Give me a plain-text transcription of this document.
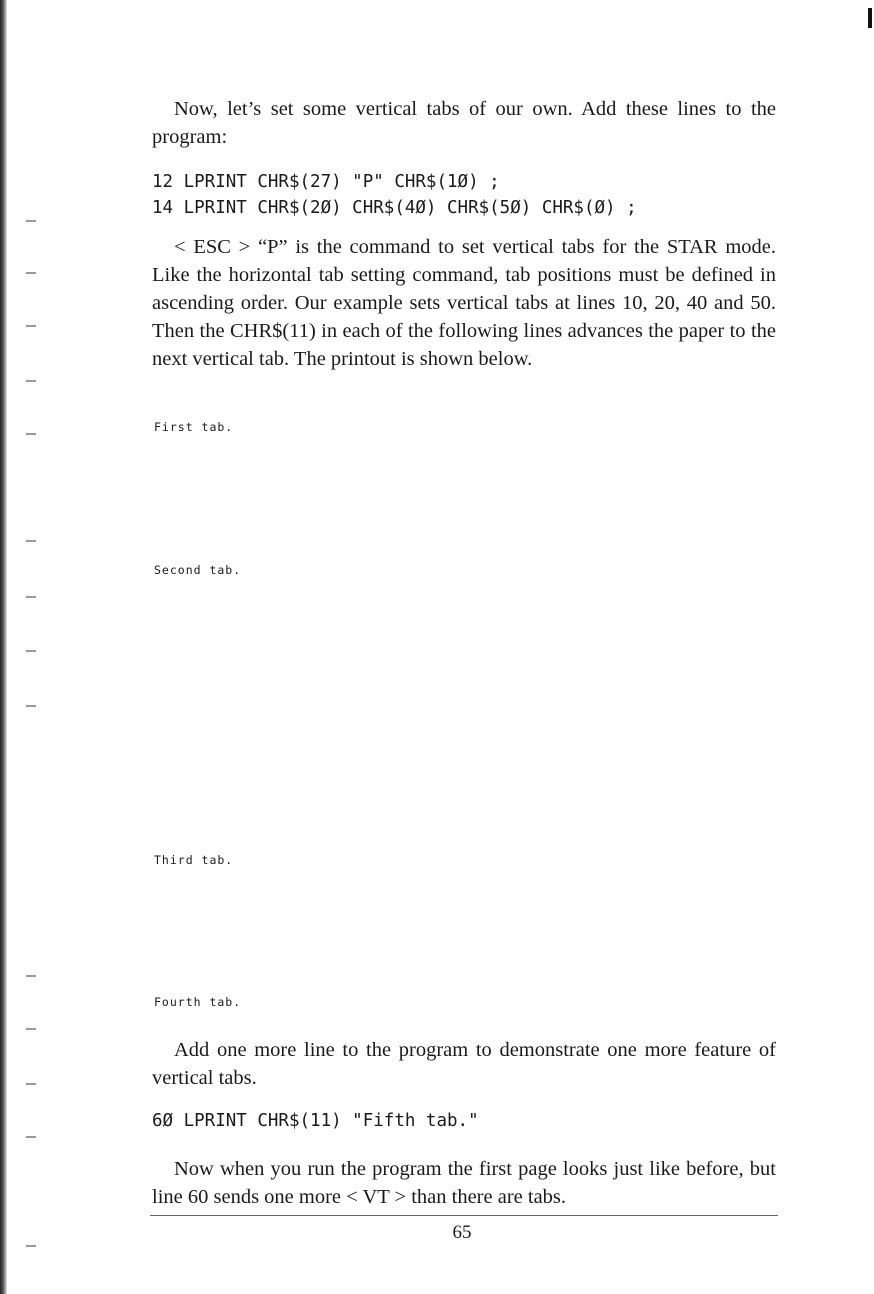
Now, let’s set some vertical tabs of our own. Add these lines to the program:

12 LPRINT CHR$(27) "P" CHR$(1Ø) ;
14 LPRINT CHR$(2Ø) CHR$(4Ø) CHR$(5Ø) CHR$(Ø) ;

< ESC > “P” is the command to set vertical tabs for the STAR mode. Like the horizontal tab setting command, tab positions must be defined in ascending order. Our example sets vertical tabs at lines 10, 20, 40 and 50. Then the CHR$(11) in each of the following lines advances the paper to the next vertical tab. The printout is shown below.

First tab.
Second tab.
Third tab.
Fourth tab.

Add one more line to the program to demonstrate one more feature of vertical tabs.

6Ø LPRINT CHR$(11) "Fifth tab."

Now when you run the program the first page looks just like before, but line 60 sends one more < VT > than there are tabs.

65
